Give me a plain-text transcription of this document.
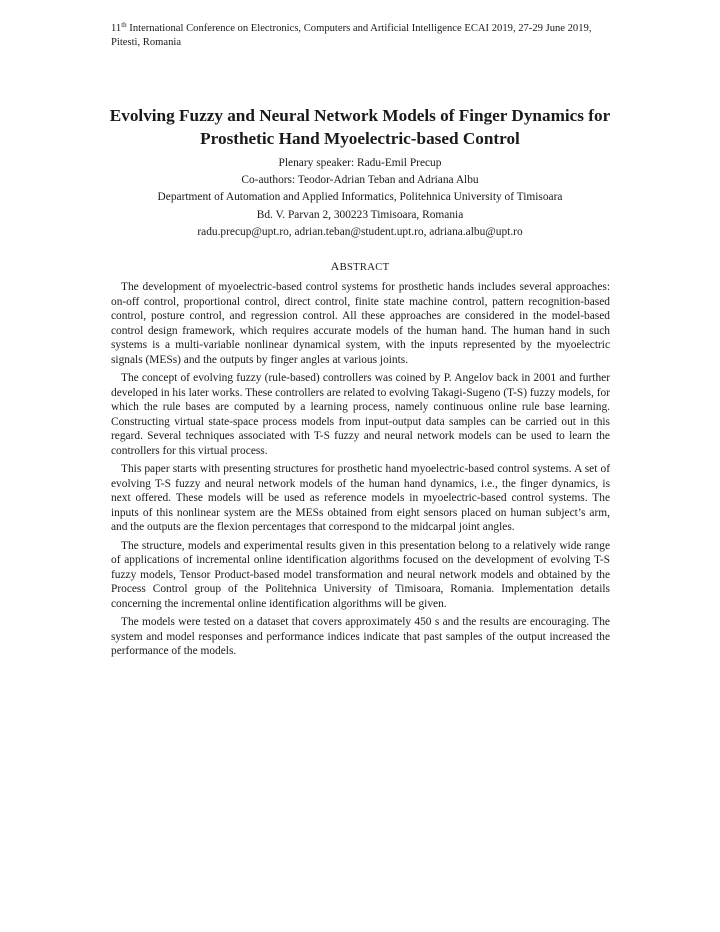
11th International Conference on Electronics, Computers and Artificial Intelligence ECAI 2019, 27-29 June 2019, Pitesti, Romania
Evolving Fuzzy and Neural Network Models of Finger Dynamics for
Prosthetic Hand Myoelectric-based Control
Plenary speaker: Radu-Emil Precup
Co-authors: Teodor-Adrian Teban and Adriana Albu
Department of Automation and Applied Informatics, Politehnica University of Timisoara
Bd. V. Parvan 2, 300223 Timisoara, Romania
radu.precup@upt.ro, adrian.teban@student.upt.ro, adriana.albu@upt.ro
ABSTRACT

The development of myoelectric-based control systems for prosthetic hands includes several approaches: on-off control, proportional control, direct control, finite state machine control, pattern recognition-based control, posture control, and regression control. All these approaches are considered in the model-based control design framework, which requires accurate models of the human hand. The human hand in such systems is a multi-variable nonlinear dynamical system, with the inputs represented by the myoelectric signals (MESs) and the outputs by finger angles at various joints.

The concept of evolving fuzzy (rule-based) controllers was coined by P. Angelov back in 2001 and further developed in his later works. These controllers are related to evolving Takagi-Sugeno (T-S) fuzzy models, for which the rule bases are computed by a learning process, namely continuous online rule base learning. Constructing virtual state-space process models from input-output data samples can be carried out in this regard. Several techniques associated with T-S fuzzy and neural network models can be used to learn the controllers for this virtual process.

This paper starts with presenting structures for prosthetic hand myoelectric-based control systems. A set of evolving T-S fuzzy and neural network models of the human hand dynamics, i.e., the finger dynamics, is next offered. These models will be used as reference models in myoelectric-based control systems. The inputs of this nonlinear system are the MESs obtained from eight sensors placed on human subject’s arm, and the outputs are the flexion percentages that correspond to the midcarpal joint angles.

The structure, models and experimental results given in this presentation belong to a relatively wide range of applications of incremental online identification algorithms focused on the development of evolving T-S fuzzy models, Tensor Product-based model transformation and neural network models and obtained by the Process Control group of the Politehnica University of Timisoara, Romania. Implementation details concerning the incremental online identification algorithms will be given.

The models were tested on a dataset that covers approximately 450 s and the results are encouraging. The system and model responses and performance indices indicate that past samples of the output increased the performance of the models.
